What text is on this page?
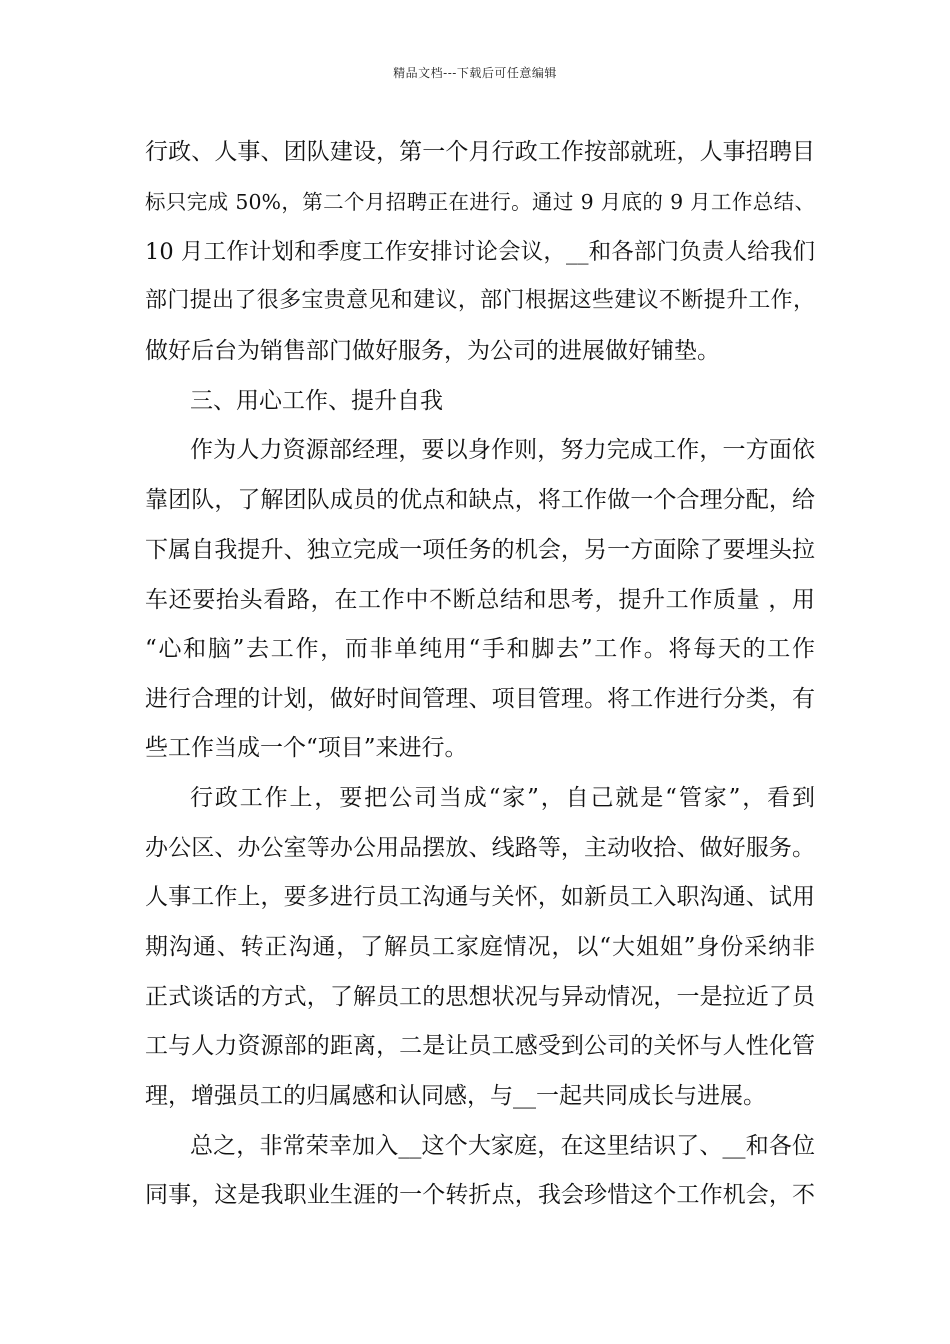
精品文档---下载后可任意编辑
行政、人事、团队建设，第一个月行政工作按部就班，人事招聘目
标只完成 50%，第二个月招聘正在进行。通过 9 月底的 9 月工作总结、
10 月工作计划和季度工作安排讨论会议，__和各部门负责人给我们
部门提出了很多宝贵意见和建议，部门根据这些建议不断提升工作，
做好后台为销售部门做好服务，为公司的进展做好铺垫。
三、用心工作、提升自我
作为人力资源部经理，要以身作则，努力完成工作，一方面依
靠团队，了解团队成员的优点和缺点，将工作做一个合理分配，给
下属自我提升、独立完成一项任务的机会，另一方面除了要埋头拉
车还要抬头看路，在工作中不断总结和思考，提升工作质量 ，用
“心和脑”去工作，而非单纯用“手和脚去”工作。将每天的工作
进行合理的计划，做好时间管理、项目管理。将工作进行分类，有
些工作当成一个“项目”来进行。
行政工作上，要把公司当成“家”，自己就是“管家”，看到
办公区、办公室等办公用品摆放、线路等，主动收拾、做好服务。
人事工作上，要多进行员工沟通与关怀，如新员工入职沟通、试用
期沟通、转正沟通，了解员工家庭情况，以“大姐姐”身份采纳非
正式谈话的方式，了解员工的思想状况与异动情况，一是拉近了员
工与人力资源部的距离，二是让员工感受到公司的关怀与人性化管
理，增强员工的归属感和认同感，与__一起共同成长与进展。
总之，非常荣幸加入__这个大家庭，在这里结识了、__和各位
同事，这是我职业生涯的一个转折点，我会珍惜这个工作机会，不
